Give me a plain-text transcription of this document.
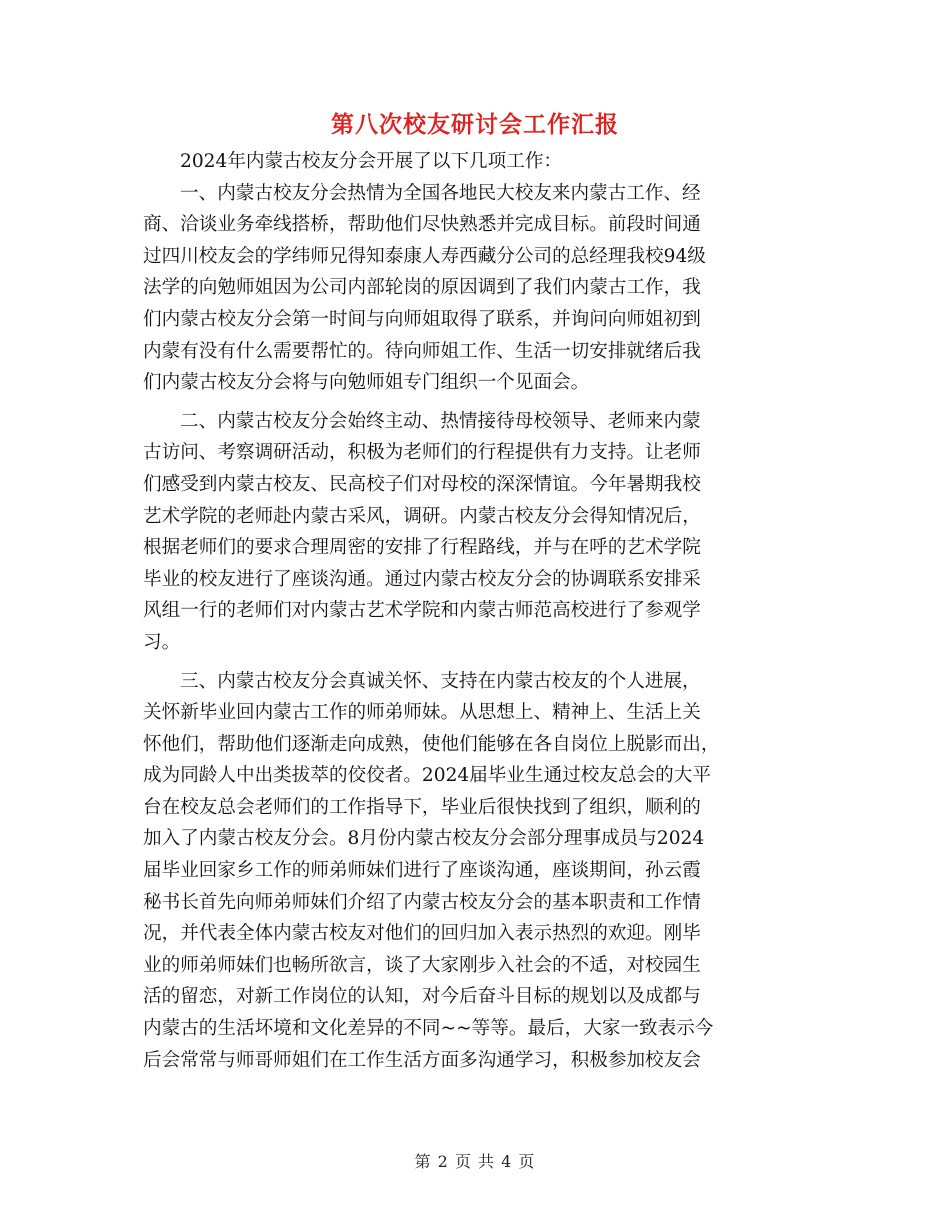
第八次校友研讨会工作汇报
2024年内蒙古校友分会开展了以下几项工作：
一、内蒙古校友分会热情为全国各地民大校友来内蒙古工作、经
商、洽谈业务牵线搭桥，帮助他们尽快熟悉并完成目标。前段时间通
过四川校友会的学纬师兄得知泰康人寿西藏分公司的总经理我校94级
法学的向勉师姐因为公司内部轮岗的原因调到了我们内蒙古工作，我
们内蒙古校友分会第一时间与向师姐取得了联系，并询问向师姐初到
内蒙有没有什么需要帮忙的。待向师姐工作、生活一切安排就绪后我
们内蒙古校友分会将与向勉师姐专门组织一个见面会。
二、内蒙古校友分会始终主动、热情接待母校领导、老师来内蒙
古访问、考察调研活动，积极为老师们的行程提供有力支持。让老师
们感受到内蒙古校友、民高校子们对母校的深深情谊。今年暑期我校
艺术学院的老师赴内蒙古采风，调研。内蒙古校友分会得知情况后，
根据老师们的要求合理周密的安排了行程路线，并与在呼的艺术学院
毕业的校友进行了座谈沟通。通过内蒙古校友分会的协调联系安排采
风组一行的老师们对内蒙古艺术学院和内蒙古师范高校进行了参观学
习。
三、内蒙古校友分会真诚关怀、支持在内蒙古校友的个人进展，
关怀新毕业回内蒙古工作的师弟师妹。从思想上、精神上、生活上关
怀他们，帮助他们逐渐走向成熟，使他们能够在各自岗位上脱影而出，
成为同龄人中出类拔萃的佼佼者。2024届毕业生通过校友总会的大平
台在校友总会老师们的工作指导下，毕业后很快找到了组织，顺利的
加入了内蒙古校友分会。8月份内蒙古校友分会部分理事成员与2024
届毕业回家乡工作的师弟师妹们进行了座谈沟通，座谈期间，孙云霞
秘书长首先向师弟师妹们介绍了内蒙古校友分会的基本职责和工作情
况，并代表全体内蒙古校友对他们的回归加入表示热烈的欢迎。刚毕
业的师弟师妹们也畅所欲言，谈了大家刚步入社会的不适，对校园生
活的留恋，对新工作岗位的认知，对今后奋斗目标的规划以及成都与
内蒙古的生活坏境和文化差异的不同~~等等。最后，大家一致表示今
后会常常与师哥师姐们在工作生活方面多沟通学习，积极参加校友会
第 2 页 共 4 页
